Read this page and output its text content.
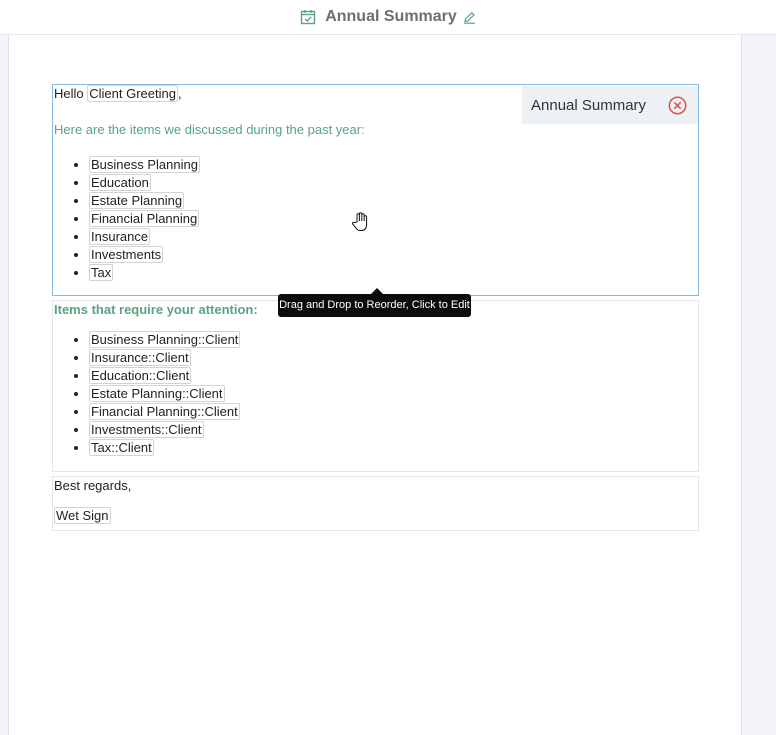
Annual Summary
Hello Client Greeting ,
Here are the items we discussed during the past year:
• Business Planning
• Education
• Estate Planning
• Financial Planning
• Insurance
• Investments
• Tax
Annual Summary
Items that require your attention:
• Business Planning::Client
• Insurance::Client
• Education::Client
• Estate Planning::Client
• Financial Planning::Client
• Investments::Client
• Tax::Client
Best regards,
Wet Sign
Drag and Drop to Reorder, Click to Edit
